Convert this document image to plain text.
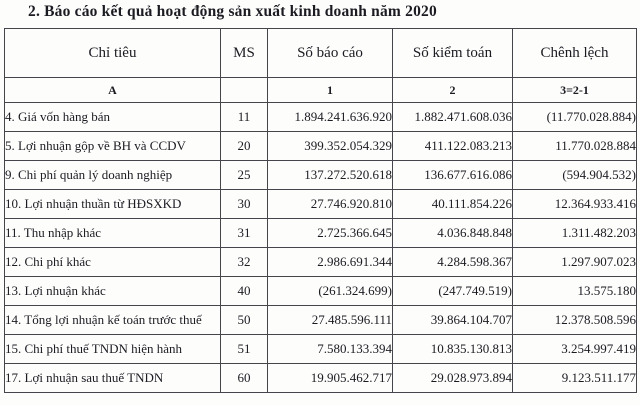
2. Báo cáo kết quả hoạt động sản xuất kinh doanh năm 2020
Chỉ tiêu	MS	Số báo cáo	Số kiểm toán	Chênh lệch
A		1	2	3=2-1
4. Giá vốn hàng bán	11	1.894.241.636.920	1.882.471.608.036	(11.770.028.884)
5. Lợi nhuận gộp về BH và CCDV	20	399.352.054.329	411.122.083.213	11.770.028.884
9. Chi phí quản lý doanh nghiệp	25	137.272.520.618	136.677.616.086	(594.904.532)
10. Lợi nhuận thuần từ HĐSXKD	30	27.746.920.810	40.111.854.226	12.364.933.416
11. Thu nhập khác	31	2.725.366.645	4.036.848.848	1.311.482.203
12. Chi phí khác	32	2.986.691.344	4.284.598.367	1.297.907.023
13. Lợi nhuận khác	40	(261.324.699)	(247.749.519)	13.575.180
14. Tổng lợi nhuận kế toán trước thuế	50	27.485.596.111	39.864.104.707	12.378.508.596
15. Chi phí thuế TNDN hiện hành	51	7.580.133.394	10.835.130.813	3.254.997.419
17. Lợi nhuận sau thuế TNDN	60	19.905.462.717	29.028.973.894	9.123.511.177
